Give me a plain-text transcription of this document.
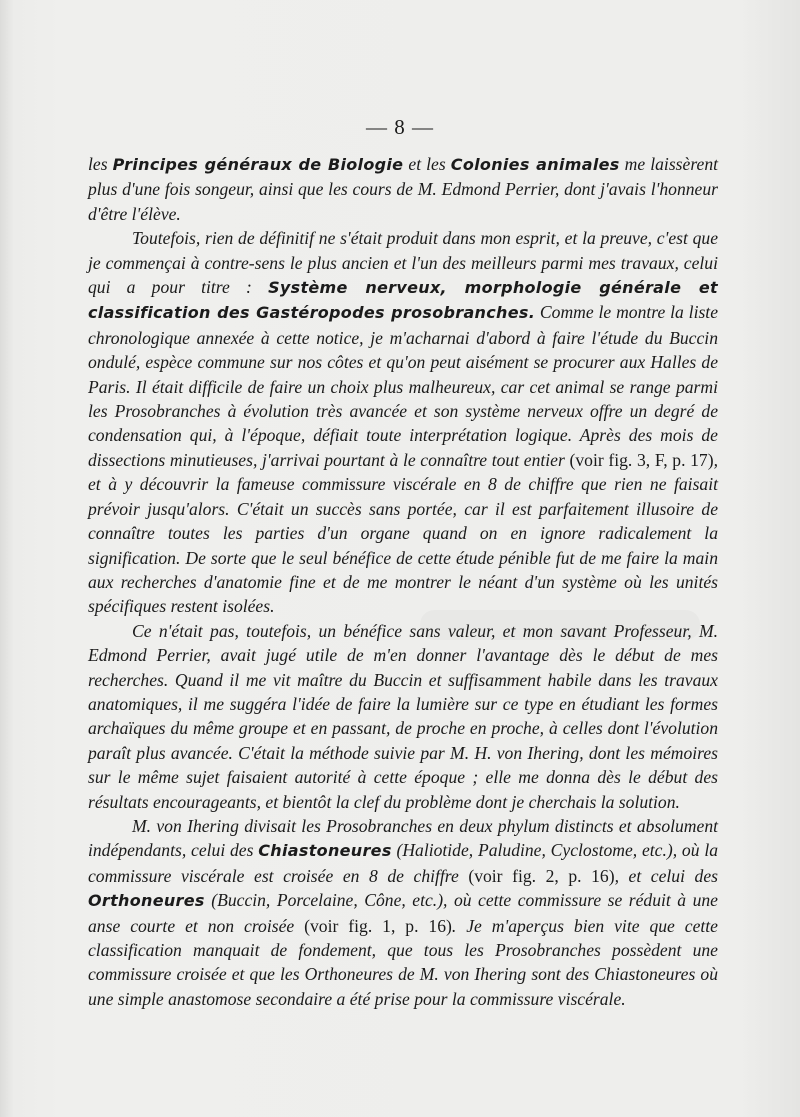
— 8 —

les Principes généraux de Biologie et les Colonies animales me laissèrent plus d'une fois songeur, ainsi que les cours de M. Edmond Perrier, dont j'avais l'honneur d'être l'élève.

Toutefois, rien de définitif ne s'était produit dans mon esprit, et la preuve, c'est que je commençai à contre-sens le plus ancien et l'un des meilleurs parmi mes travaux, celui qui a pour titre : Système nerveux, morphologie générale et classification des Gastéropodes prosobranches. Comme le montre la liste chronologique annexée à cette notice, je m'acharnai d'abord à faire l'étude du Buccin ondulé, espèce commune sur nos côtes et qu'on peut aisément se procurer aux Halles de Paris. Il était difficile de faire un choix plus malheureux, car cet animal se range parmi les Prosobranches à évolution très avancée et son système nerveux offre un degré de condensation qui, à l'époque, défiait toute interprétation logique. Après des mois de dissections minutieuses, j'arrivai pourtant à le connaître tout entier (voir fig. 3, F, p. 17), et à y découvrir la fameuse commissure viscérale en 8 de chiffre que rien ne faisait prévoir jusqu'alors. C'était un succès sans portée, car il est parfaitement illusoire de connaître toutes les parties d'un organe quand on en ignore radicalement la signification. De sorte que le seul bénéfice de cette étude pénible fut de me faire la main aux recherches d'anatomie fine et de me montrer le néant d'un système où les unités spécifiques restent isolées.

Ce n'était pas, toutefois, un bénéfice sans valeur, et mon savant Professeur, M. Edmond Perrier, avait jugé utile de m'en donner l'avantage dès le début de mes recherches. Quand il me vit maître du Buccin et suffisamment habile dans les travaux anatomiques, il me suggéra l'idée de faire la lumière sur ce type en étudiant les formes archaïques du même groupe et en passant, de proche en proche, à celles dont l'évolution paraît plus avancée. C'était la méthode suivie par M. H. von Ihering, dont les mémoires sur le même sujet faisaient autorité à cette époque ; elle me donna dès le début des résultats encourageants, et bientôt la clef du problème dont je cherchais la solution.

M. von Ihering divisait les Prosobranches en deux phylum distincts et absolument indépendants, celui des Chiastoneures (Haliotide, Paludine, Cyclostome, etc.), où la commissure viscérale est croisée en 8 de chiffre (voir fig. 2, p. 16), et celui des Orthoneures (Buccin, Porcelaine, Cône, etc.), où cette commissure se réduit à une anse courte et non croisée (voir fig. 1, p. 16). Je m'aperçus bien vite que cette classification manquait de fondement, que tous les Prosobranches possèdent une commissure croisée et que les Orthoneures de M. von Ihering sont des Chiastoneures où une simple anastomose secondaire a été prise pour la commissure viscérale.
